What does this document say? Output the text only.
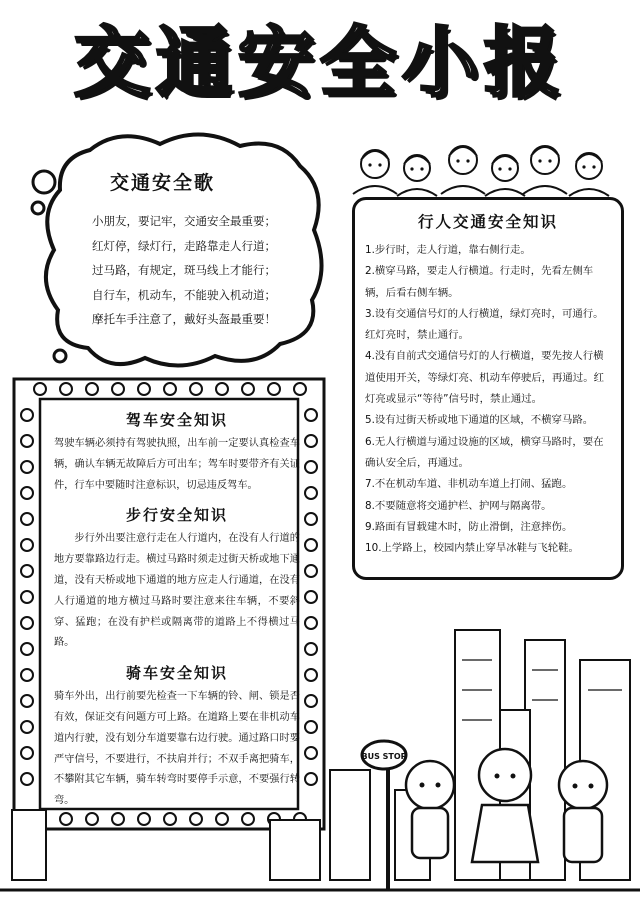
交通安全小报
交通安全歌

小朋友，要记牢，交通安全最重要；

红灯停，绿灯行，走路靠走人行道；

过马路，有规定，斑马线上才能行；

自行车，机动车，不能驶入机动道；

摩托车手注意了，戴好头盔最重要！

行人交通安全知识

1.步行时，走人行道，靠右侧行走。

2.横穿马路，要走人行横道。行走时，先看左侧车辆，后看右侧车辆。

3.设有交通信号灯的人行横道，绿灯亮时，可通行。红灯亮时，禁止通行。

4.没有自前式交通信号灯的人行横道，要先按人行横道使用开关，等绿灯亮、机动车停驶后，再通过。红灯亮或显示“等待”信号时，禁止通过。

5.设有过街天桥或地下通道的区域，不横穿马路。

6.无人行横道与通过设施的区域，横穿马路时，要在确认安全后，再通过。

7.不在机动车道、非机动车道上打闹、猛跑。

8.不要随意将交通护栏、护网与隔离带。

9.路面有冒载建木时，防止滑倒，注意摔伤。

10.上学路上，校园内禁止穿旱冰鞋与飞轮鞋。

驾车安全知识

驾驶车辆必须持有驾驶执照，出车前一定要认真检查车辆，确认车辆无故障后方可出车；驾车时要带齐有关证件，行车中要随时注意标识，切忌违反驾车。

步行安全知识

步行外出要注意行走在人行道内，在没有人行道的地方要靠路边行走。横过马路时须走过街天桥或地下通道，没有天桥或地下通道的地方应走人行通道，在没有人行通道的地方横过马路时要注意来往车辆，不要斜穿、猛跑；在没有护栏或隔离带的道路上不得横过马路。

骑车安全知识

骑车外出，出行前要先检查一下车辆的铃、闸、锁是否有效，保证交有问题方可上路。在道路上要在非机动车道内行驶，没有划分车道要靠右边行驶。通过路口时要严守信号，不要进行，不扶肩并行；不双手离把骑车，不攀附其它车辆，骑车转弯时要停手示意，不要强行转弯。

BUS STOP
